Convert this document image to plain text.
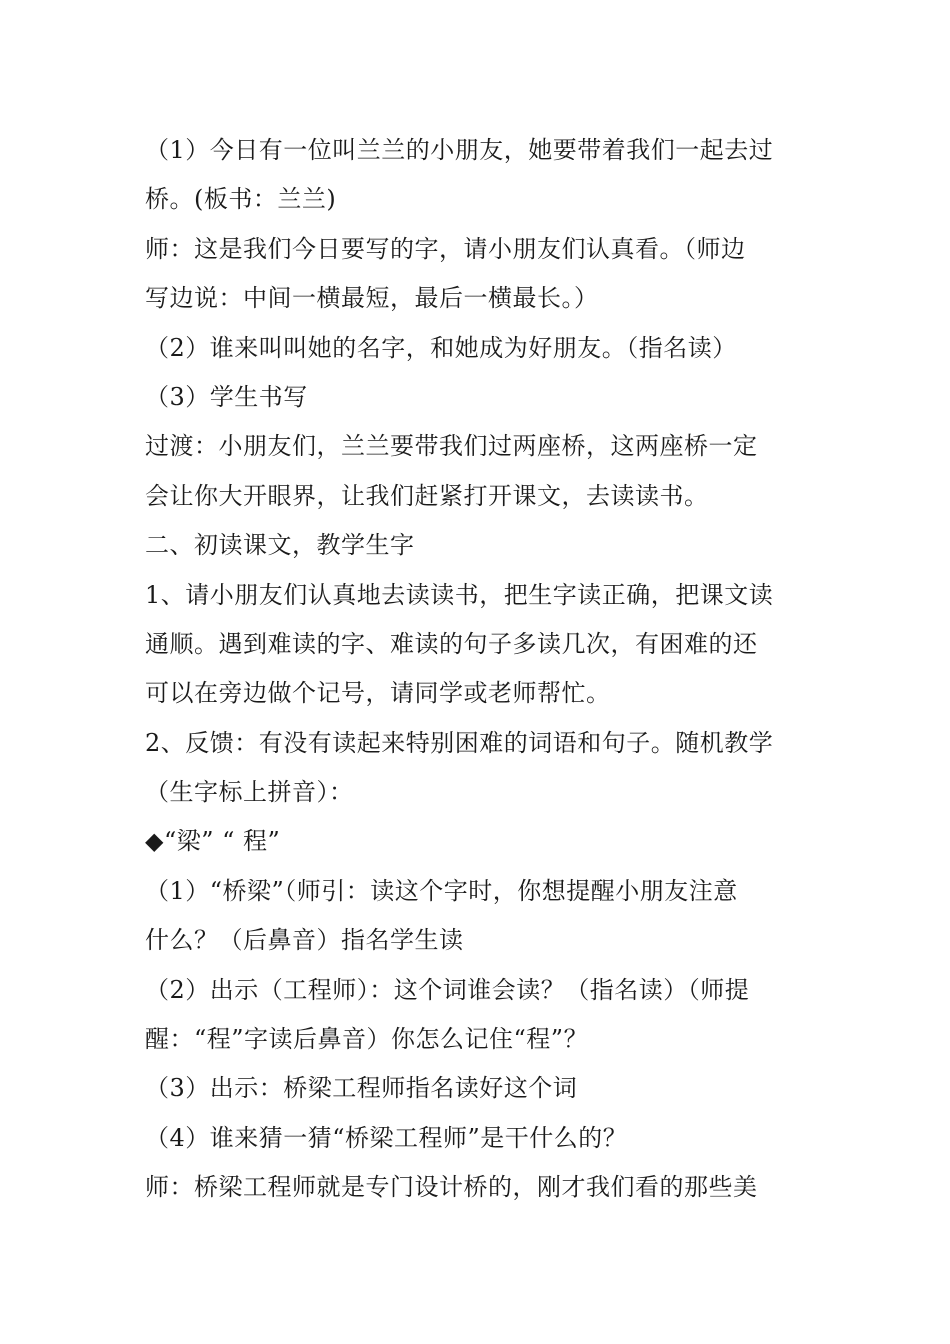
（1）今日有一位叫兰兰的小朋友，她要带着我们一起去过
桥。(板书：兰兰)
师：这是我们今日要写的字，请小朋友们认真看。（师边
写边说：中间一横最短，最后一横最长。）
（2）谁来叫叫她的名字，和她成为好朋友。（指名读）
（3）学生书写
过渡：小朋友们，兰兰要带我们过两座桥，这两座桥一定
会让你大开眼界，让我们赶紧打开课文，去读读书。
二、初读课文，教学生字
1、请小朋友们认真地去读读书，把生字读正确，把课文读
通顺。遇到难读的字、难读的句子多读几次，有困难的还
可以在旁边做个记号，请同学或老师帮忙。
2、反馈：有没有读起来特别困难的词语和句子。随机教学
（生字标上拼音）：
◆“梁” “ 程”
（1）“桥梁”（师引：读这个字时，你想提醒小朋友注意
什么？（后鼻音）指名学生读
（2）出示（工程师）：这个词谁会读？（指名读）（师提
醒：“程”字读后鼻音）你怎么记住“程”？
（3）出示：桥梁工程师指名读好这个词
（4）谁来猜一猜“桥梁工程师”是干什么的？
师：桥梁工程师就是专门设计桥的，刚才我们看的那些美
